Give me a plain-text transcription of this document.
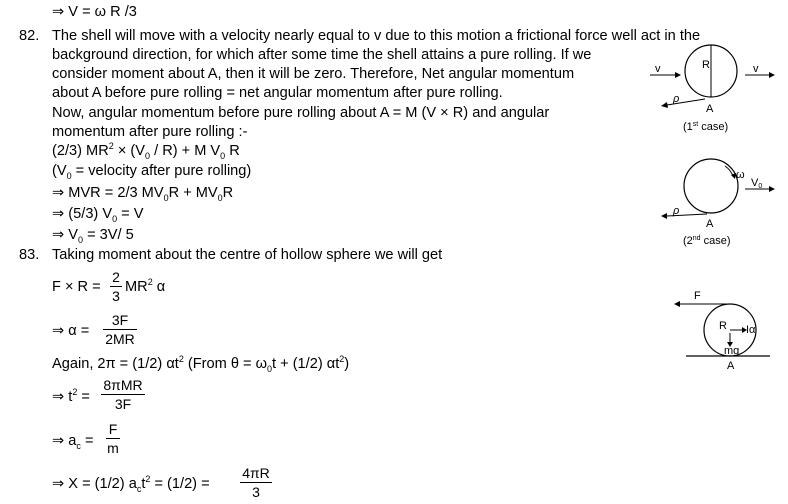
⇒ V = ω R /3
82. The shell will move with a velocity nearly equal to v due to this motion a frictional force well act in the
background direction, for which after some time the shell attains a pure rolling. If we
consider moment about A, then it will be zero. Therefore, Net angular momentum
about A before pure rolling = net angular momentum after pure rolling.
Now, angular momentum before pure rolling about A = M (V × R) and angular
momentum after pure rolling :-
(2/3) $MR^2 \times (V_0 / R) + M$ $V_0$ R
($V_0$ = velocity after pure rolling)
⇒ MVR = 2/3 $MV_0R + MV_0R$
⇒ (5/3) $V_0 = V$
⇒ $V_0 = 3V/$ 5
83. Taking moment about the centre of hollow sphere we will get
F × R =
2
3
$MR^2$ α
⇒ α =
3F
2MR
Again, 2π = (1/2) $\alpha t^2$ (From $\theta = \omega_0t + (1/2)$ $\alpha t^2$)
⇒ $t^2$ =
8πMR
3F
⇒ $a_c$ =
F
m
⇒ X = (1/2) $a_ct^2 = (1/2)$ =
4πR
3
R
v	v
ρ
A
(1st case)
ω
V0
ρ
A
(2nd case)
F
R Iα
mg
A
